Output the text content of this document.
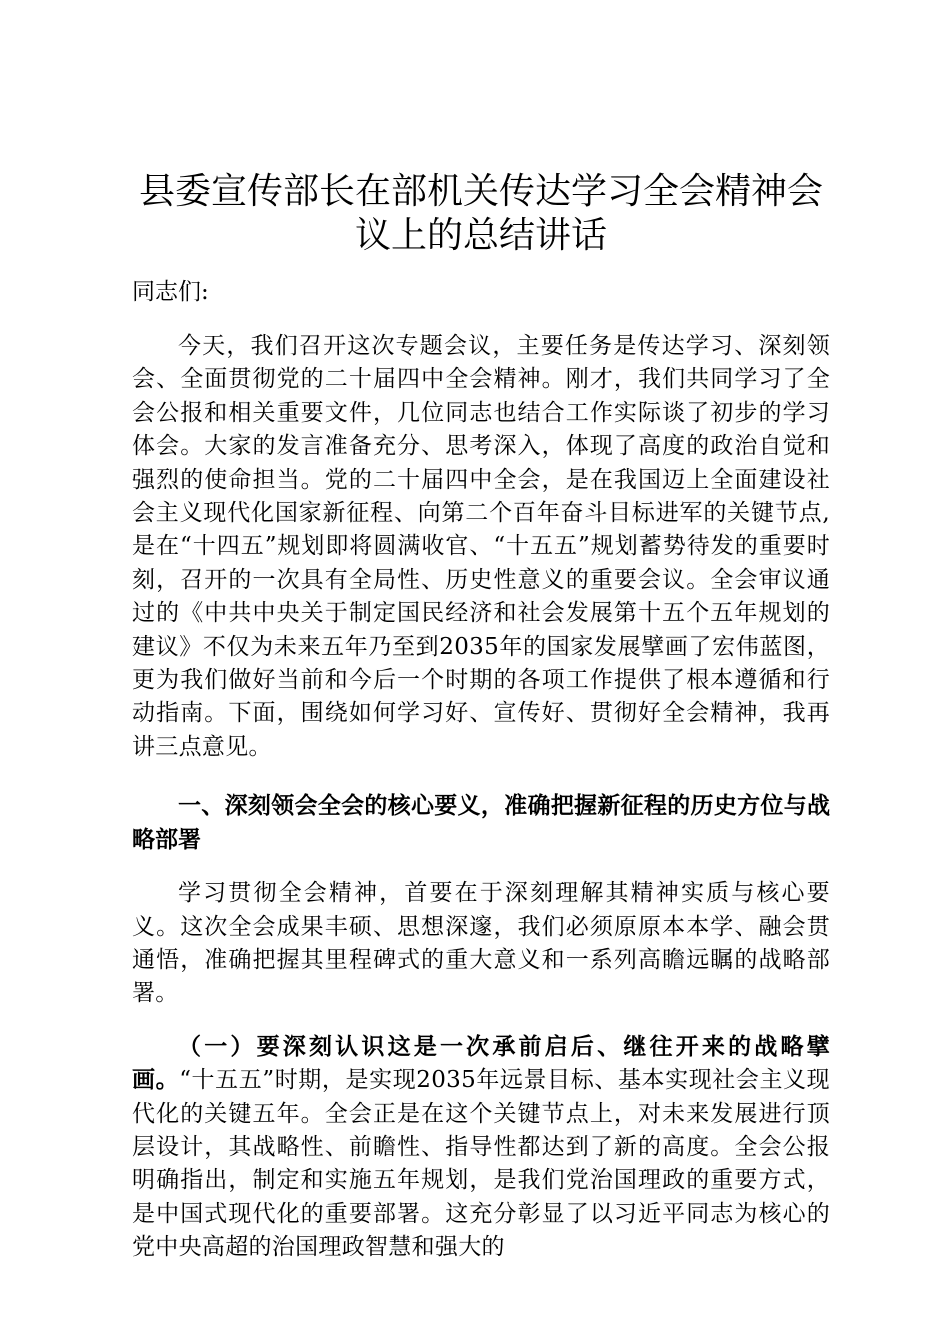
县委宣传部长在部机关传达学习全会精神会议上的总结讲话

同志们:

今天，我们召开这次专题会议，主要任务是传达学习、深刻领会、全面贯彻党的二十届四中全会精神。刚才，我们共同学习了全会公报和相关重要文件，几位同志也结合工作实际谈了初步的学习体会。大家的发言准备充分、思考深入，体现了高度的政治自觉和强烈的使命担当。党的二十届四中全会，是在我国迈上全面建设社会主义现代化国家新征程、向第二个百年奋斗目标进军的关键节点,是在“十四五”规划即将圆满收官、“十五五”规划蓄势待发的重要时刻，召开的一次具有全局性、历史性意义的重要会议。全会审议通过的《中共中央关于制定国民经济和社会发展第十五个五年规划的建议》不仅为未来五年乃至到2035年的国家发展擘画了宏伟蓝图，更为我们做好当前和今后一个时期的各项工作提供了根本遵循和行动指南。下面，围绕如何学习好、宣传好、贯彻好全会精神，我再讲三点意见。

一、深刻领会全会的核心要义，准确把握新征程的历史方位与战略部署

学习贯彻全会精神，首要在于深刻理解其精神实质与核心要义。这次全会成果丰硕、思想深邃，我们必须原原本本学、融会贯通悟，准确把握其里程碑式的重大意义和一系列高瞻远瞩的战略部署。

（一）要深刻认识这是一次承前启后、继往开来的战略擘画。“十五五”时期，是实现2035年远景目标、基本实现社会主义现代化的关键五年。全会正是在这个关键节点上，对未来发展进行顶层设计，其战略性、前瞻性、指导性都达到了新的高度。全会公报明确指出，制定和实施五年规划，是我们党治国理政的重要方式，是中国式现代化的重要部署。这充分彰显了以习近平同志为核心的党中央高超的治国理政智慧和强大的
